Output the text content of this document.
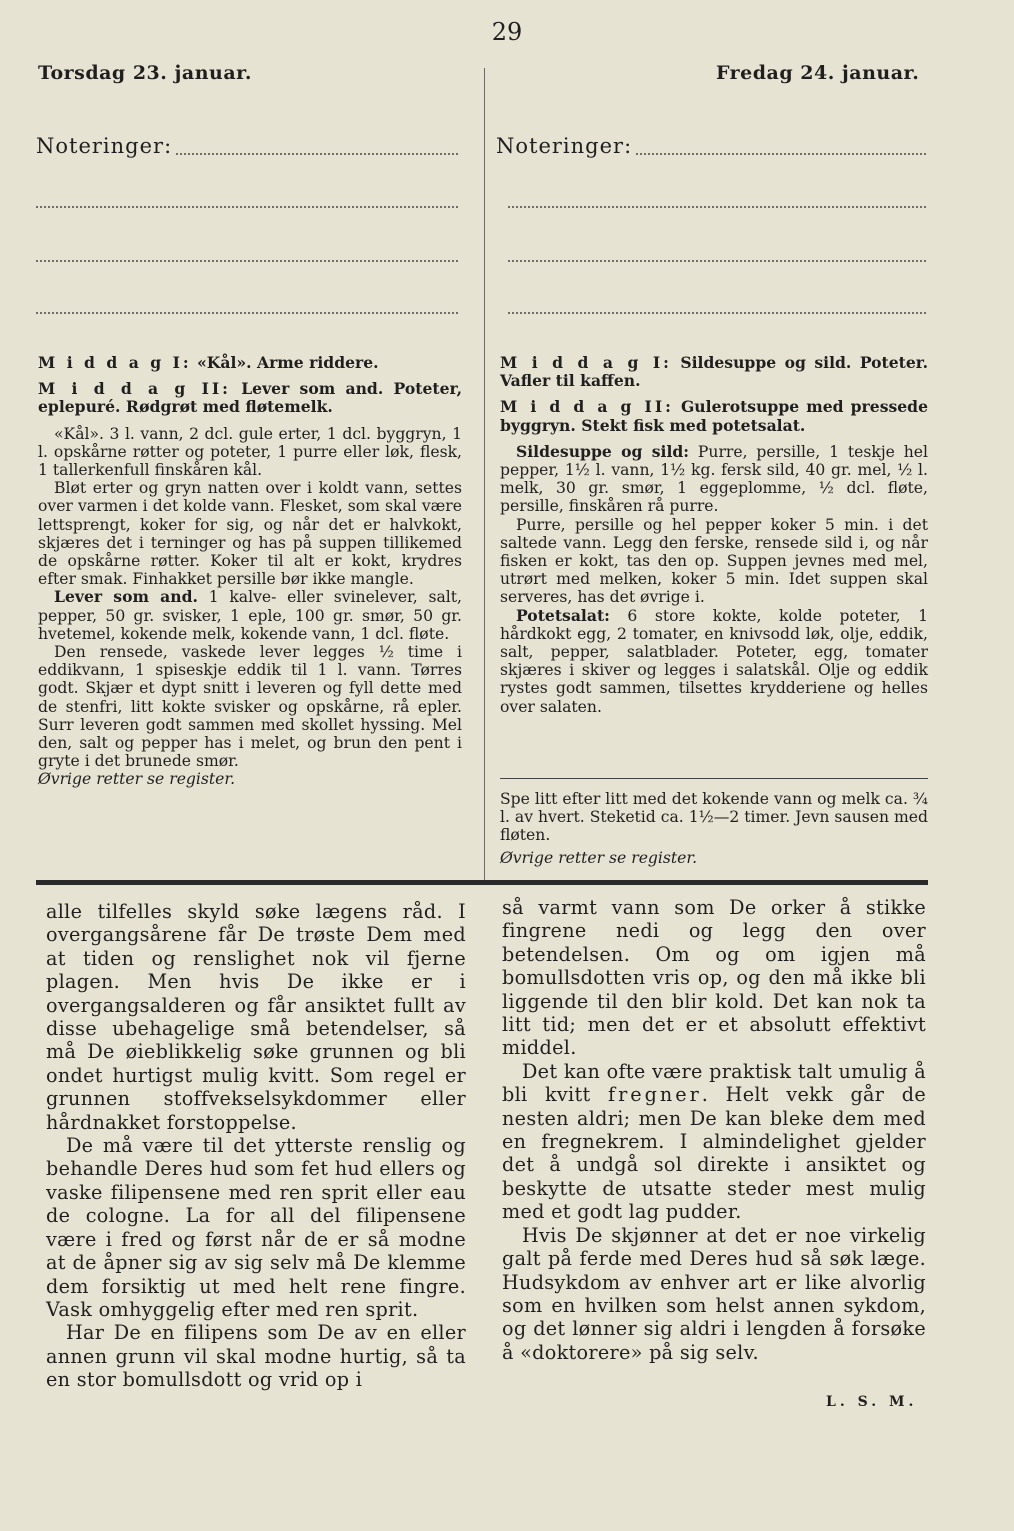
29
Torsdag 23. januar.	Fredag 24. januar.
Noteringer:	Noteringer:

M i d d a g I: «Kål». Arme riddere.

M i d d a g II: Lever som and. Poteter, eplepuré. Rødgrøt med fløtemelk.

«Kål». 3 l. vann, 2 dcl. gule erter, 1 dcl. byggryn, 1 l. opskårne røtter og poteter, 1 purre eller løk, flesk, 1 tallerkenfull finskåren kål.

Bløt erter og gryn natten over i koldt vann, settes over varmen i det kolde vann. Flesket, som skal være lettsprengt, koker for sig, og når det er halvkokt, skjæres det i terninger og has på suppen tillikemed de opskårne røtter. Koker til alt er kokt, krydres efter smak. Finhakket persille bør ikke mangle.

Lever som and. 1 kalve- eller svinelever, salt, pepper, 50 gr. svisker, 1 eple, 100 gr. smør, 50 gr. hvetemel, kokende melk, kokende vann, 1 dcl. fløte.

Den rensede, vaskede lever legges ½ time i eddikvann, 1 spiseskje eddik til 1 l. vann. Tørres godt. Skjær et dypt snitt i leveren og fyll dette med de stenfri, litt kokte svisker og opskårne, rå epler. Surr leveren godt sammen med skollet hyssing. Mel den, salt og pepper has i melet, og brun den pent i gryte i det brunede smør.

Øvrige retter se register.

M i d d a g I: Sildesuppe og sild. Poteter. Vafler til kaffen.

M i d d a g II: Gulerotsuppe med pressede byggryn. Stekt fisk med potetsalat.

Sildesuppe og sild: Purre, persille, 1 teskje hel pepper, 1½ l. vann, 1½ kg. fersk sild, 40 gr. mel, ½ l. melk, 30 gr. smør, 1 eggeplomme, ½ dcl. fløte, persille, finskåren rå purre.

Purre, persille og hel pepper koker 5 min. i det saltede vann. Legg den ferske, rensede sild i, og når fisken er kokt, tas den op. Suppen jevnes med mel, utrørt med melken, koker 5 min. Idet suppen skal serveres, has det øvrige i.

Potetsalat: 6 store kokte, kolde poteter, 1 hårdkokt egg, 2 tomater, en knivsodd løk, olje, eddik, salt, pepper, salatblader. Poteter, egg, tomater skjæres i skiver og legges i salatskål. Olje og eddik rystes godt sammen, tilsettes krydderiene og helles over salaten.

Spe litt efter litt med det kokende vann og melk ca. ¾ l. av hvert. Steketid ca. 1½—2 timer. Jevn sausen med fløten.

Øvrige retter se register.

alle tilfelles skyld søke lægens råd. I overgangsårene får De trøste Dem med at tiden og renslighet nok vil fjerne plagen. Men hvis De ikke er i overgangsalderen og får ansiktet fullt av disse ubehagelige små betendelser, så må De øieblikkelig søke grunnen og bli ondet hurtigst mulig kvitt. Som regel er grunnen stoffvekselsykdommer eller hårdnakket forstoppelse.

De må være til det ytterste renslig og behandle Deres hud som fet hud ellers og vaske filipensene med ren sprit eller eau de cologne. La for all del filipensene være i fred og først når de er så modne at de åpner sig av sig selv må De klemme dem forsiktig ut med helt rene fingre. Vask omhyggelig efter med ren sprit.

Har De en filipens som De av en eller annen grunn vil skal modne hurtig, så ta en stor bomullsdott og vrid op i

så varmt vann som De orker å stikke fingrene nedi og legg den over betendelsen. Om og om igjen må bomullsdotten vris op, og den må ikke bli liggende til den blir kold. Det kan nok ta litt tid; men det er et absolutt effektivt middel.

Det kan ofte være praktisk talt umulig å bli kvitt fregner. Helt vekk går de nesten aldri; men De kan bleke dem med en fregnekrem. I almindelighet gjelder det å undgå sol direkte i ansiktet og beskytte de utsatte steder mest mulig med et godt lag pudder.

Hvis De skjønner at det er noe virkelig galt på ferde med Deres hud så søk læge. Hudsykdom av enhver art er like alvorlig som en hvilken som helst annen sykdom, og det lønner sig aldri i lengden å forsøke å «doktorere» på sig selv.

L. S. M.
